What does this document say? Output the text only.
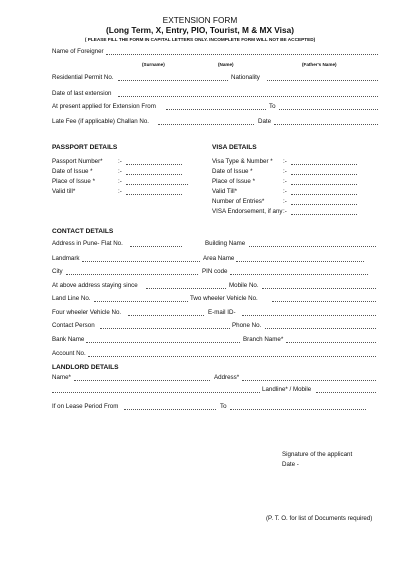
EXTENSION FORM
(Long Term, X, Entry, PIO, Tourist, M & MX Visa)
( PLEASE FILL THE FORM IN CAPITAL LETTERS ONLY. INCOMPLETE FORM WILL NOT BE ACCEPTED)
Name of Foreigner
(Surname)	(Name)	(Father's Name)
Residential Permit No.	Nationality
Date of last extension
At present applied for Extension From	To
Late Fee (if applicable) Challan No.	Date
PASSPORT DETAILS
Passport Number* :-
Date of Issue *	:-
Place of Issue *	:-
Valid till*	:-
VISA DETAILS
Visa Type & Number * :-
Date of Issue *	:-
Place of Issue *	:-
Valid Till*	:-
Number of Entries*	:-
VISA Endorsement, if any :-
CONTACT DETAILS
Address in Pune- Flat No.	Building Name
Landmark	Area Name
City	PIN code
At above address staying since	Mobile No.
Land Line No.	Two wheeler Vehicle No.
Four wheeler Vehicle No.	E-mail ID-
Contact Person	Phone No.
Bank Name	Branch Name*
Account No.
LANDLORD DETAILS
Name*	Address*
Landline* / Mobile
If on Lease Period From	To
Signature of the applicant
Date -
(P. T. O. for list of Documents required)
